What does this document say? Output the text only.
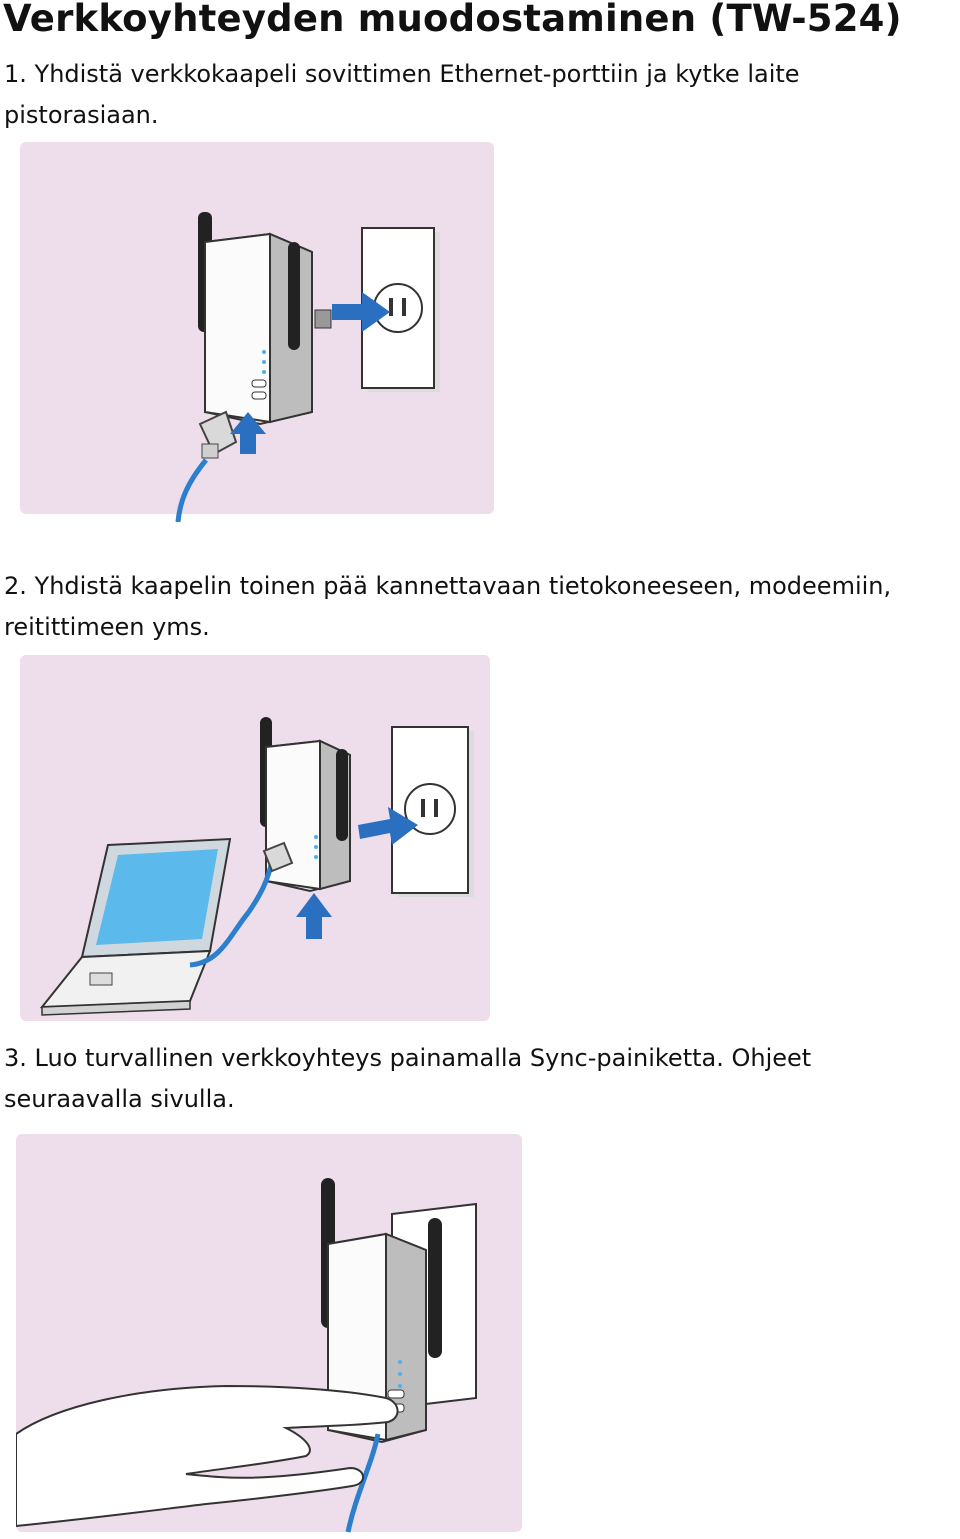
Verkkoyhteyden muodostaminen (TW-524)

1. Yhdistä verkkokaapeli sovittimen Ethernet-porttiin ja kytke laite
pistorasiaan.

2. Yhdistä kaapelin toinen pää kannettavaan tietokoneeseen, modeemiin,
reitittimeen yms.

3. Luo turvallinen verkkoyhteys painamalla Sync-painiketta. Ohjeet
seuraavalla sivulla.
